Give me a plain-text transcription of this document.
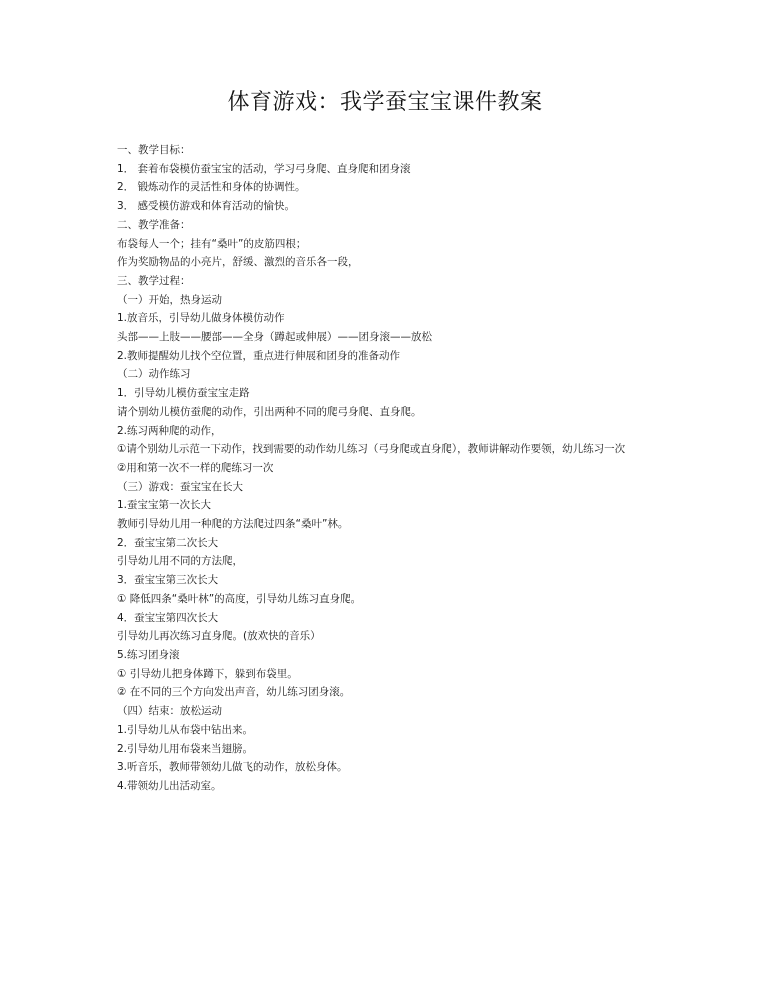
体育游戏：我学蚕宝宝课件教案
一、教学目标：
1． 套着布袋模仿蚕宝宝的活动，学习弓身爬、直身爬和团身滚
2． 锻炼动作的灵活性和身体的协调性。
3． 感受模仿游戏和体育活动的愉快。
二、教学准备：
布袋每人一个；挂有“桑叶”的皮筋四根；
作为奖励物品的小亮片，舒缓、激烈的音乐各一段，
三、教学过程：
（一）开始，热身运动
1.放音乐，引导幼儿做身体模仿动作
头部——上肢——腰部——全身（蹲起或伸展）——团身滚——放松
2.教师提醒幼儿找个空位置，重点进行伸展和团身的准备动作
（二）动作练习
1．引导幼儿模仿蚕宝宝走路
请个别幼儿模仿蚕爬的动作，引出两种不同的爬弓身爬、直身爬。
2.练习两种爬的动作，
①请个别幼儿示范一下动作，找到需要的动作幼儿练习（弓身爬或直身爬），教师讲解动作要领，幼儿练习一次
②用和第一次不一样的爬练习一次
（三）游戏：蚕宝宝在长大
1.蚕宝宝第一次长大
教师引导幼儿用一种爬的方法爬过四条“桑叶”林。
2．蚕宝宝第二次长大
引导幼儿用不同的方法爬，
3．蚕宝宝第三次长大
① 降低四条“桑叶林”的高度，引导幼儿练习直身爬。
4．蚕宝宝第四次长大
引导幼儿再次练习直身爬。(放欢快的音乐）
5.练习团身滚
① 引导幼儿把身体蹲下，躲到布袋里。
② 在不同的三个方向发出声音，幼儿练习团身滚。
（四）结束：放松运动
1.引导幼儿从布袋中钻出来。
2.引导幼儿用布袋来当翅膀。
3.听音乐，教师带领幼儿做飞的动作，放松身体。
4.带领幼儿出活动室。
